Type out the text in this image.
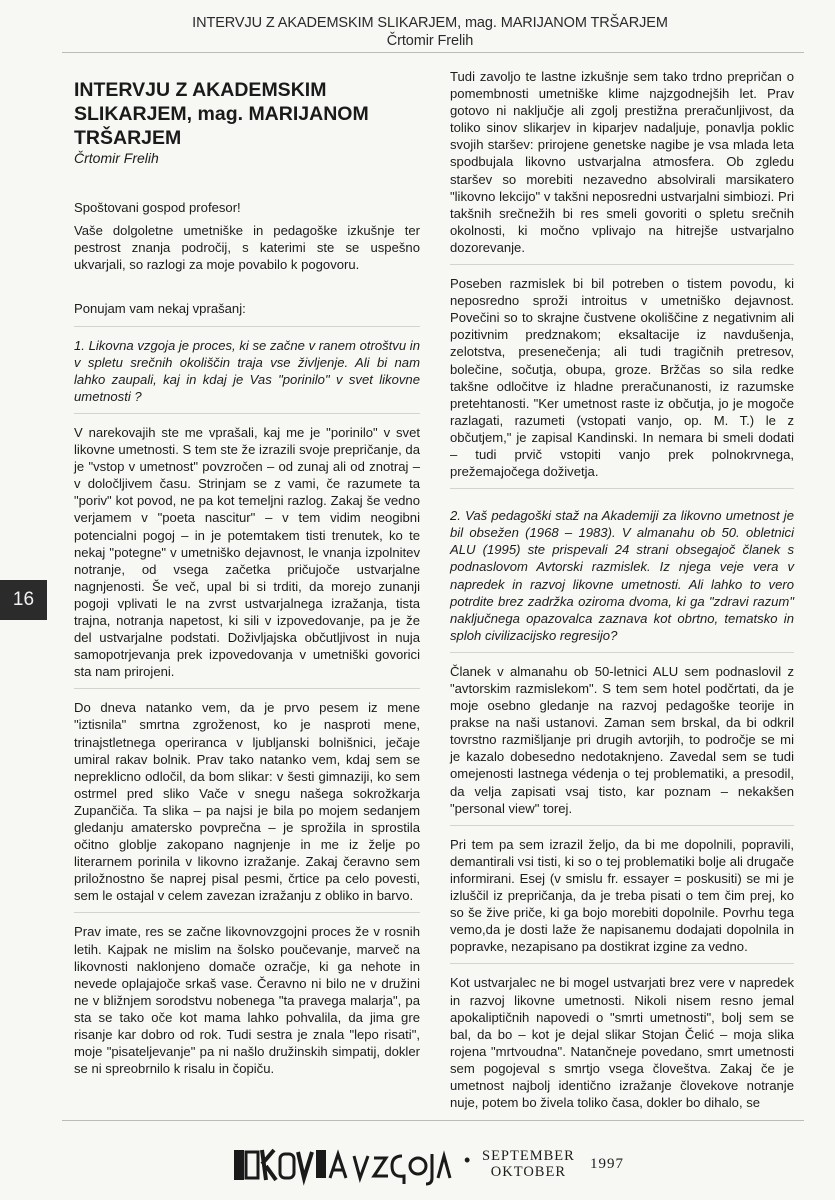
INTERVJU Z AKADEMSKIM SLIKARJEM, mag. MARIJANOM TRŠARJEM
Črtomir Frelih
16
INTERVJU Z AKADEMSKIM SLIKARJEM, mag. MARIJANOM TRŠARJEM

Črtomir Frelih

Spoštovani gospod profesor!

Vaše dolgoletne umetniške in pedagoške izkušnje ter pestrost znanja področij, s katerimi ste se uspešno ukvarjali, so razlogi za moje povabilo k pogovoru.

Ponujam vam nekaj vprašanj:

1. Likovna vzgoja je proces, ki se začne v ranem otroštvu in v spletu srečnih okoliščin traja vse življenje. Ali bi nam lahko zaupali, kaj in kdaj je Vas "porinilo" v svet likovne umetnosti ?

V narekovajih ste me vprašali, kaj me je "porinilo" v svet likovne umetnosti. S tem ste že izrazili svoje prepričanje, da je "vstop v umetnost" povzročen – od zunaj ali od znotraj – v določljivem času. Strinjam se z vami, če razumete ta "poriv" kot povod, ne pa kot temeljni razlog. Zakaj še vedno verjamem v "poeta nascitur" – v tem vidim neogibni potencialni pogoj – in je potemtakem tisti trenutek, ko te nekaj "potegne" v umetniško dejavnost, le vnanja izpolnitev notranje, od vsega začetka pričujoče ustvarjalne nagnjenosti. Še več, upal bi si trditi, da morejo zunanji pogoji vplivati le na zvrst ustvarjalnega izražanja, tista trajna, notranja napetost, ki sili v izpovedovanje, pa je že del ustvarjalne podstati. Doživljajska občutljivost in nuja samopotrjevanja prek izpovedovanja v umetniški govorici sta nam prirojeni.

Do dneva natanko vem, da je prvo pesem iz mene "iztisnila" smrtna zgroženost, ko je nasproti mene, trinajstletnega operiranca v ljubljanski bolnišnici, ječaje umiral rakav bolnik. Prav tako natanko vem, kdaj sem se nepreklicno odločil, da bom slikar: v šesti gimnaziji, ko sem ostrmel pred sliko Vače v snegu našega sokrožkarja Zupančiča. Ta slika – pa najsi je bila po mojem sedanjem gledanju amatersko povprečna – je sprožila in sprostila očitno globlje zakopano nagnjenje in me iz želje po literarnem porinila v likovno izražanje. Zakaj čeravno sem priložnostno še naprej pisal pesmi, črtice pa celo povesti, sem le ostajal v celem zavezan izražanju z obliko in barvo.

Prav imate, res se začne likovnovzgojni proces že v rosnih letih. Kajpak ne mislim na šolsko poučevanje, marveč na likovnosti naklonjeno domače ozračje, ki ga nehote in nevede oplajajoče srkaš vase. Čeravno ni bilo ne v družini ne v bližnjem sorodstvu nobenega "ta pravega malarja", pa sta se tako oče kot mama lahko pohvalila, da jima gre risanje kar dobro od rok. Tudi sestra je znala "lepo risati", moje "pisateljevanje" pa ni našlo družinskih simpatij, dokler se ni spreobrnilo k risalu in čopiču.

Tudi zavoljo te lastne izkušnje sem tako trdno prepričan o pomembnosti umetniške klime najzgodnejših let. Prav gotovo ni naključje ali zgolj prestižna preračunljivost, da toliko sinov slikarjev in kiparjev nadaljuje, ponavlja poklic svojih staršev: prirojene genetske nagibe je vsa mlada leta spodbujala likovno ustvarjalna atmosfera. Ob zgledu staršev so morebiti nezavedno absolvirali marsikatero "likovno lekcijo" v takšni neposredni ustvarjalni simbiozi. Pri takšnih srečnežih bi res smeli govoriti o spletu srečnih okolnosti, ki močno vplivajo na hitrejše ustvarjalno dozorevanje.

Poseben razmislek bi bil potreben o tistem povodu, ki neposredno sproži introitus v umetniško dejavnost. Povečini so to skrajne čustvene okoliščine z negativnim ali pozitivnim predznakom; eksaltacije iz navdušenja, zelotstva, presenečenja; ali tudi tragičnih pretresov, bolečine, sočutja, obupa, groze. Bržčas so sila redke takšne odločitve iz hladne preračunanosti, iz razumske pretehtanosti. "Ker umetnost raste iz občutja, jo je mogoče razlagati, razumeti (vstopati vanjo, op. M. T.) le z občutjem," je zapisal Kandinski. In nemara bi smeli dodati – tudi prvič vstopiti vanjo prek polnokrvnega, prežemajočega doživetja.

2. Vaš pedagoški staž na Akademiji za likovno umetnost je bil obsežen (1968 – 1983). V almanahu ob 50. obletnici ALU (1995) ste prispevali 24 strani obsegajoč članek s podnaslovom Avtorski razmislek. Iz njega veje vera v napredek in razvoj likovne umetnosti. Ali lahko to vero potrdite brez zadržka oziroma dvoma, ki ga "zdravi razum" naključnega opazovalca zaznava kot obrtno, tematsko in sploh civilizacijsko regresijo?

Članek v almanahu ob 50-letnici ALU sem podnaslovil z "avtorskim razmislekom". S tem sem hotel podčrtati, da je moje osebno gledanje na razvoj pedagoške teorije in prakse na naši ustanovi. Zaman sem brskal, da bi odkril tovrstno razmišljanje pri drugih avtorjih, to področje se mi je kazalo dobesedno nedotaknjeno. Zavedal sem se tudi omejenosti lastnega védenja o tej problematiki, a presodil, da velja zapisati vsaj tisto, kar poznam – nekakšen "personal view" torej.

Pri tem pa sem izrazil željo, da bi me dopolnili, popravili, demantirali vsi tisti, ki so o tej problematiki bolje ali drugače informirani. Esej (v smislu fr. essayer = poskusiti) se mi je izluščil iz prepričanja, da je treba pisati o tem čim prej, ko so še žive priče, ki ga bojo morebiti dopolnile. Povrhu tega vemo,da je dosti laže že napisanemu dodajati dopolnila in popravke, nezapisano pa dostikrat izgine za vedno.

Kot ustvarjalec ne bi mogel ustvarjati brez vere v napredek in razvoj likovne umetnosti. Nikoli nisem resno jemal apokaliptičnih napovedi o "smrti umetnosti", bolj sem se bal, da bo – kot je dejal slikar Stojan Čelić – moja slika rojena "mrtvoudna". Natančneje povedano, smrt umetnosti sem pogojeval s smrtjo vsega človeštva. Zakaj če je umetnost najbolj identično izražanje človekove notranje nuje, potem bo živela toliko časa, dokler bo dihalo, se

• SEPTEMBER
OKTOBER	1997
